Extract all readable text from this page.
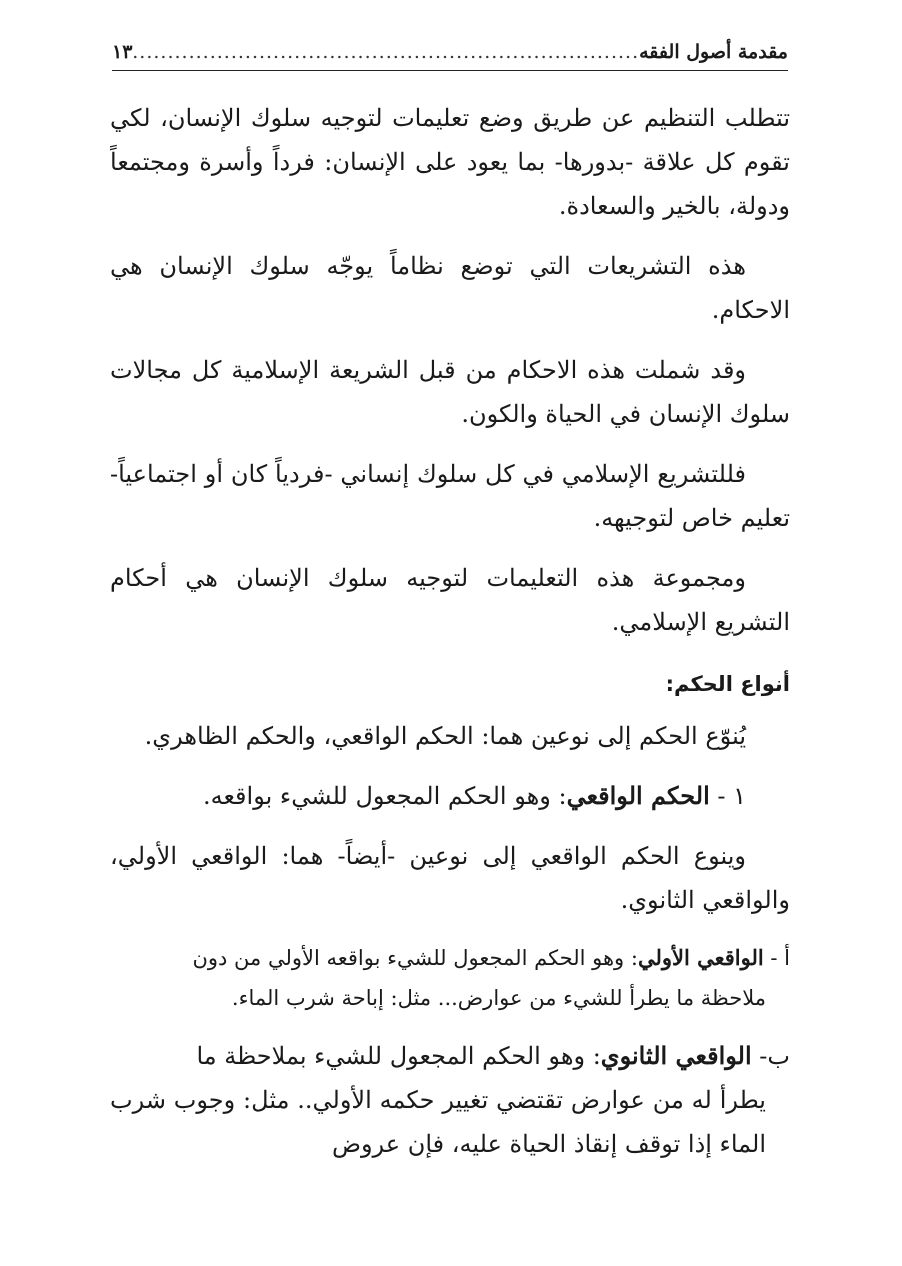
مقدمة أصول الفقه
.....
١٣

تتطلب التنظيم عن طريق وضع تعليمات لتوجيه سلوك الإنسان، لكي تقوم كل علاقة -بدورها- بما يعود على الإنسان: فرداً وأسرة ومجتمعاً ودولة، بالخير والسعادة.

هذه التشريعات التي توضع نظاماً يوجّه سلوك الإنسان هي الاحكام.

وقد شملت هذه الاحكام من قبل الشريعة الإسلامية كل مجالات سلوك الإنسان في الحياة والكون.

فللتشريع الإسلامي في كل سلوك إنساني -فردياً كان أو اجتماعياً- تعليم خاص لتوجيهه.

ومجموعة هذه التعليمات لتوجيه سلوك الإنسان هي أحكام التشريع الإسلامي.

أنواع الحكم:

يُنوّع الحكم إلى نوعين هما: الحكم الواقعي، والحكم الظاهري.

١ - الحكم الواقعي: وهو الحكم المجعول للشيء بواقعه.

وينوع الحكم الواقعي إلى نوعين -أيضاً- هما: الواقعي الأولي، والواقعي الثانوي.

أ - الواقعي الأولي: وهو الحكم المجعول للشيء بواقعه الأولي من دون
ملاحظة ما يطرأ للشيء من عوارض... مثل: إباحة شرب الماء.
ب- الواقعي الثانوي: وهو الحكم المجعول للشيء بملاحظة ما
يطرأ له من عوارض تقتضي تغيير حكمه الأولي.. مثل: وجوب شرب الماء إذا توقف إنقاذ الحياة عليه، فإن عروض
